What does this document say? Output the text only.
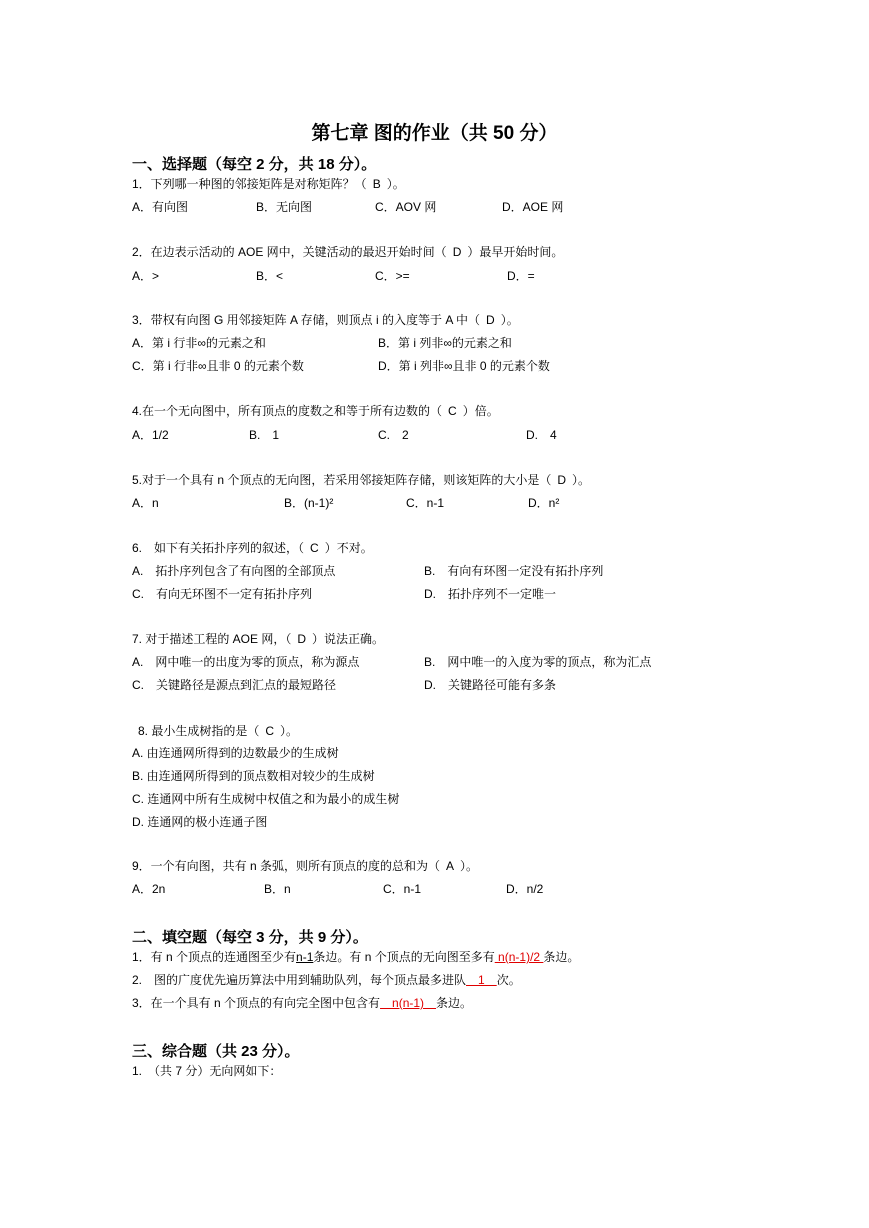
第七章 图的作业（共 50 分）
一、选择题（每空 2 分，共 18 分）。
1．下列哪一种图的邻接矩阵是对称矩阵？（ B ）。
A．有向图	B．无向图	C．AOV 网	D．AOE 网
2．在边表示活动的 AOE 网中，关键活动的最迟开始时间（ D ）最早开始时间。
A．>	B．<	C．>=	D．=
3．带权有向图 G 用邻接矩阵 A 存储，则顶点 i 的入度等于 A 中（ D ）。
A．第 i 行非∞的元素之和	B．第 i 列非∞的元素之和
C．第 i 行非∞且非 0 的元素个数	D．第 i 列非∞且非 0 的元素个数
4.在一个无向图中，所有顶点的度数之和等于所有边数的（ C ）倍。
A．1/2	B.　1	C.　2	D.　4
5.对于一个具有 n 个顶点的无向图，若采用邻接矩阵存储，则该矩阵的大小是（ D ）。
A．n	B．(n-1)²	C．n-1	D．n²
6.　如下有关拓扑序列的叙述，（ C ）不对。
A.　拓扑序列包含了有向图的全部顶点	B.　有向有环图一定没有拓扑序列
C.　有向无环图不一定有拓扑序列	D.　拓扑序列不一定唯一
7. 对于描述工程的 AOE 网，（ D ）说法正确。
A.　网中唯一的出度为零的顶点，称为源点	B.　网中唯一的入度为零的顶点，称为汇点
C.　关键路径是源点到汇点的最短路径	D.　关键路径可能有多条
8. 最小生成树指的是（ C ）。
A. 由连通网所得到的边数最少的生成树
B. 由连通网所得到的顶点数相对较少的生成树
C. 连通网中所有生成树中权值之和为最小的成生树
D. 连通网的极小连通子图
9．一个有向图，共有 n 条弧，则所有顶点的度的总和为（ A ）。
A．2n	B．n	C．n-1	D．n/2
二、填空题（每空 3 分，共 9 分）。
1．有 n 个顶点的连通图至少有n-1条边。有 n 个顶点的无向图至多有 n(n-1)/2 条边。
2.　图的广度优先遍历算法中用到辅助队列，每个顶点最多进队　1　次。
3．在一个具有 n 个顶点的有向完全图中包含有　n(n-1)　条边。
三、综合题（共 23 分）。
1.　（共 7 分）无向网如下：
